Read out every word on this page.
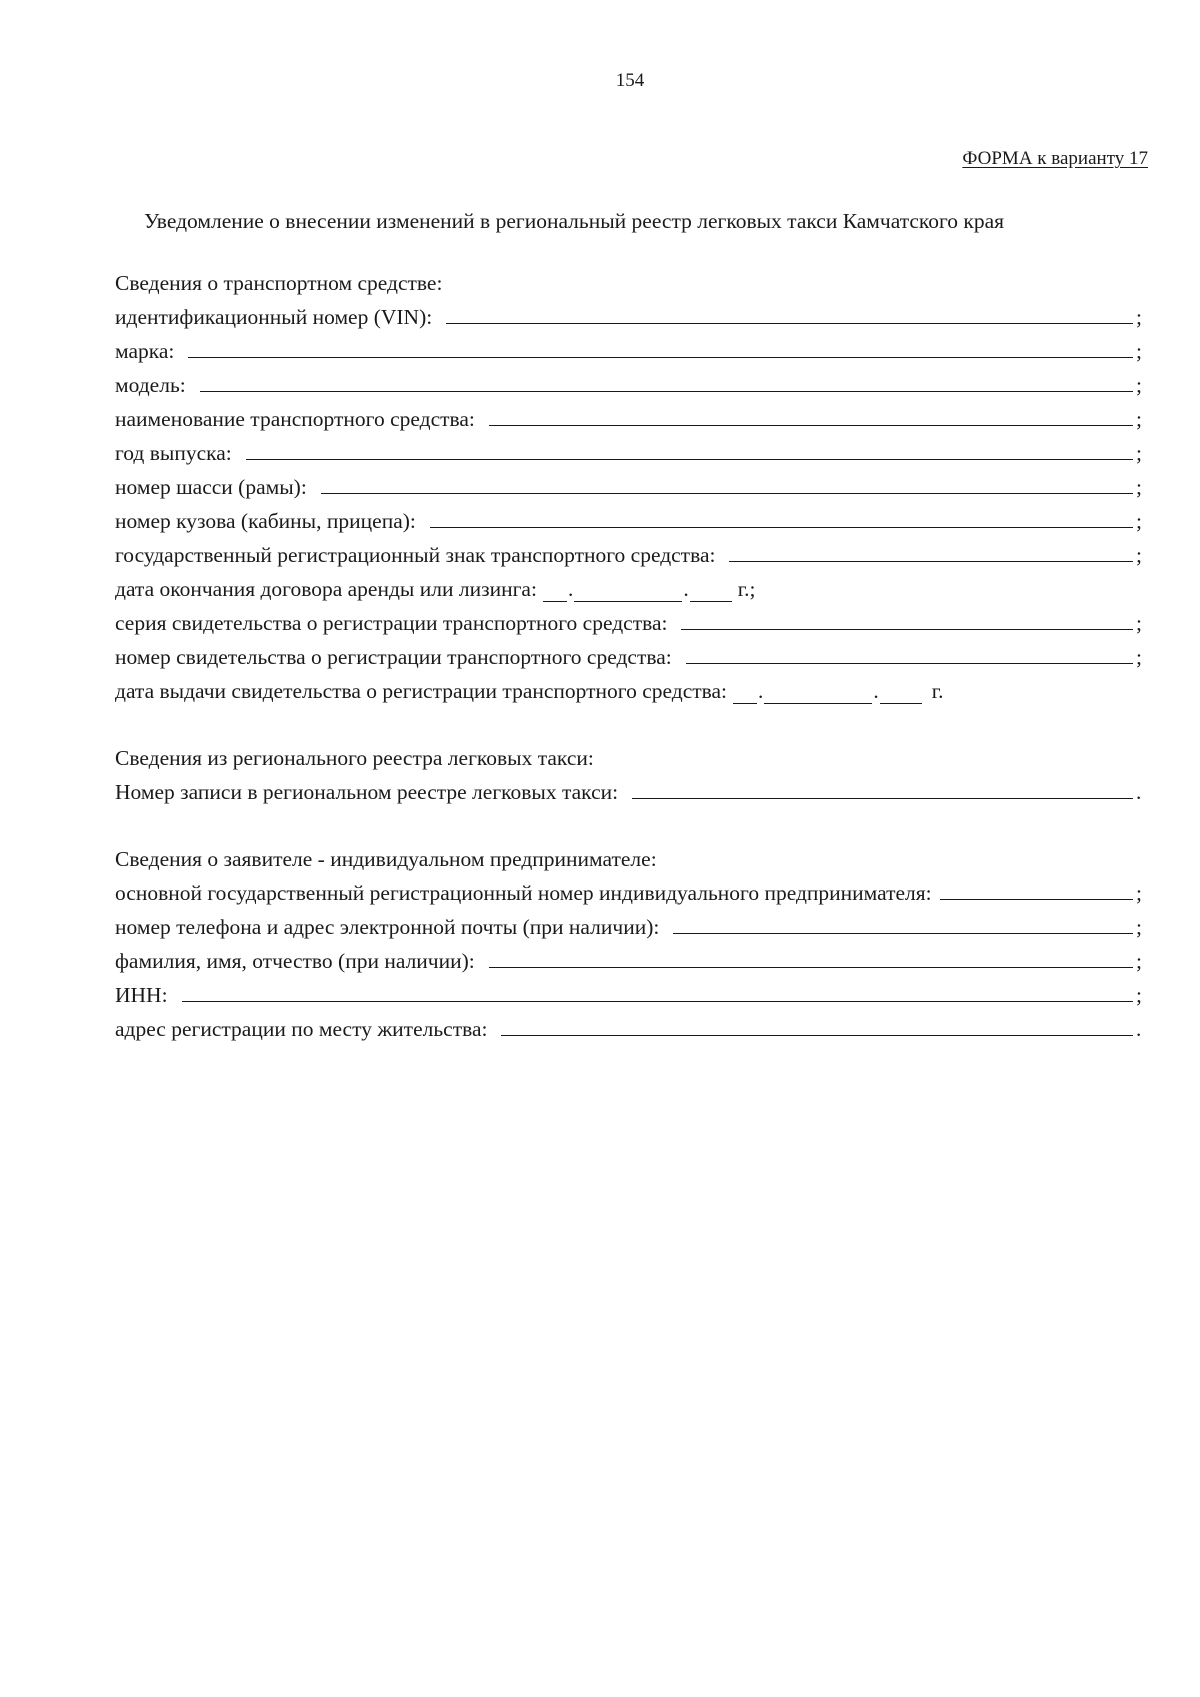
154
ФОРМА к варианту 17
Уведомление о внесении изменений в региональный реестр легковых такси Камчатского края
Сведения о транспортном средстве:
идентификационный номер (VIN):	;
марка:	;
модель:	;
наименование транспортного средства:	;
год выпуска:	;
номер шасси (рамы):	;
номер кузова (кабины, прицепа):	;
государственный регистрационный знак транспортного средства:	;
дата окончания договора аренды или лизинга: .	. г.;
серия свидетельства о регистрации транспортного средства:	;
номер свидетельства о регистрации транспортного средства:	;
дата выдачи свидетельства о регистрации транспортного средства: .	. г.
Сведения из регионального реестра легковых такси:
Номер записи в региональном реестре легковых такси:	.
Сведения о заявителе - индивидуальном предпринимателе:
основной государственный регистрационный номер индивидуального предпринимателя:	;
номер телефона и адрес электронной почты (при наличии):	;
фамилия, имя, отчество (при наличии):	;
ИНН:	;
адрес регистрации по месту жительства:	.
